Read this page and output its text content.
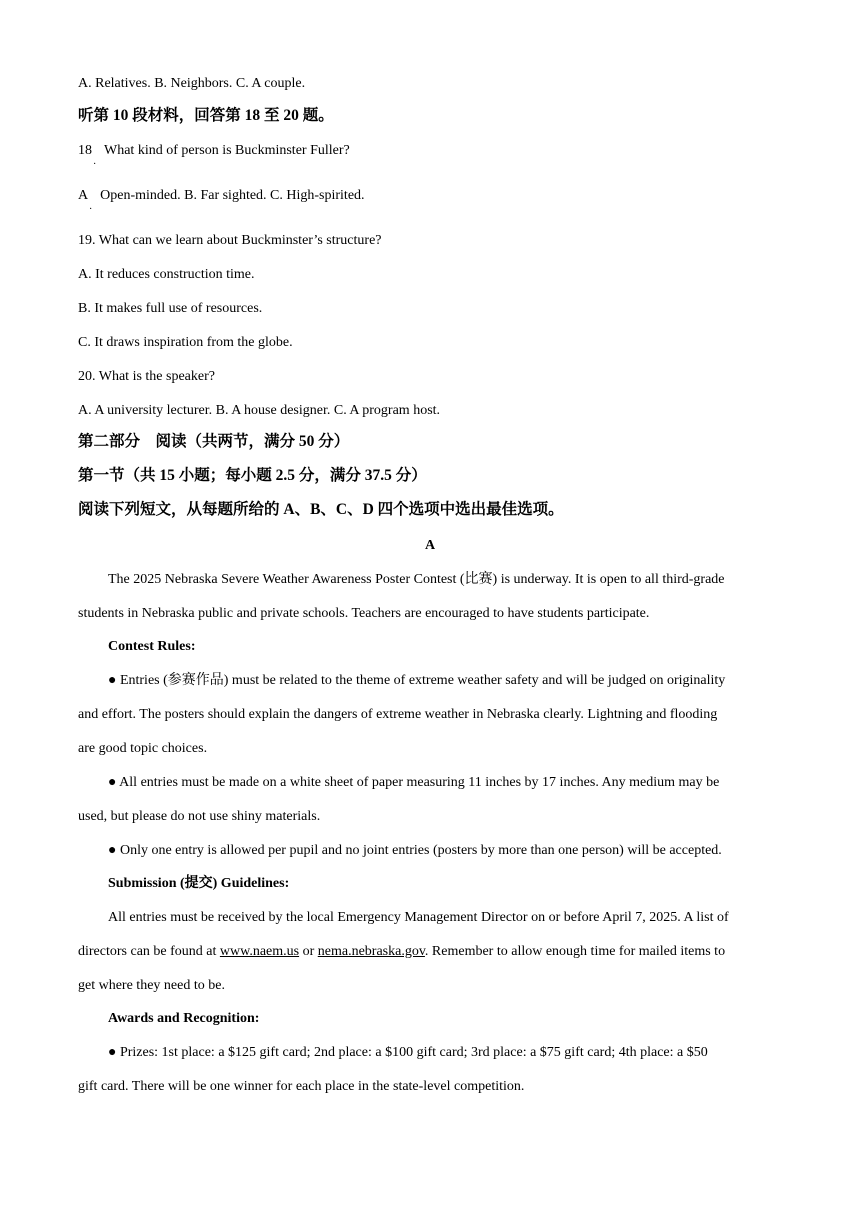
A. Relatives. B. Neighbors. C. A couple.
听第 10 段材料，回答第 18 至 20 题。
18 What kind of person is Buckminster Fuller?
·
A Open-minded. B. Far sighted. C. High-spirited.
·
19. What can we learn about Buckminster’s structure?
A. It reduces construction time.
B. It makes full use of resources.
C. It draws inspiration from the globe.
20. What is the speaker?
A. A university lecturer. B. A house designer. C. A program host.
第二部分　阅读（共两节，满分 50 分）
第一节（共 15 小题；每小题 2.5 分，满分 37.5 分）
阅读下列短文，从每题所给的 A、B、C、D 四个选项中选出最佳选项。
A
The 2025 Nebraska Severe Weather Awareness Poster Contest (比赛) is underway. It is open to all third-grade
students in Nebraska public and private schools. Teachers are encouraged to have students participate.
Contest Rules:
● Entries (参赛作品) must be related to the theme of extreme weather safety and will be judged on originality
and effort. The posters should explain the dangers of extreme weather in Nebraska clearly. Lightning and flooding
are good topic choices.
● All entries must be made on a white sheet of paper measuring 11 inches by 17 inches. Any medium may be
used, but please do not use shiny materials.
● Only one entry is allowed per pupil and no joint entries (posters by more than one person) will be accepted.
Submission (提交) Guidelines:
All entries must be received by the local Emergency Management Director on or before April 7, 2025. A list of
directors can be found at www.naem.us or nema.nebraska.gov. Remember to allow enough time for mailed items to
get where they need to be.
Awards and Recognition:
● Prizes: 1st place: a $125 gift card; 2nd place: a $100 gift card; 3rd place: a $75 gift card; 4th place: a $50
gift card. There will be one winner for each place in the state-level competition.
